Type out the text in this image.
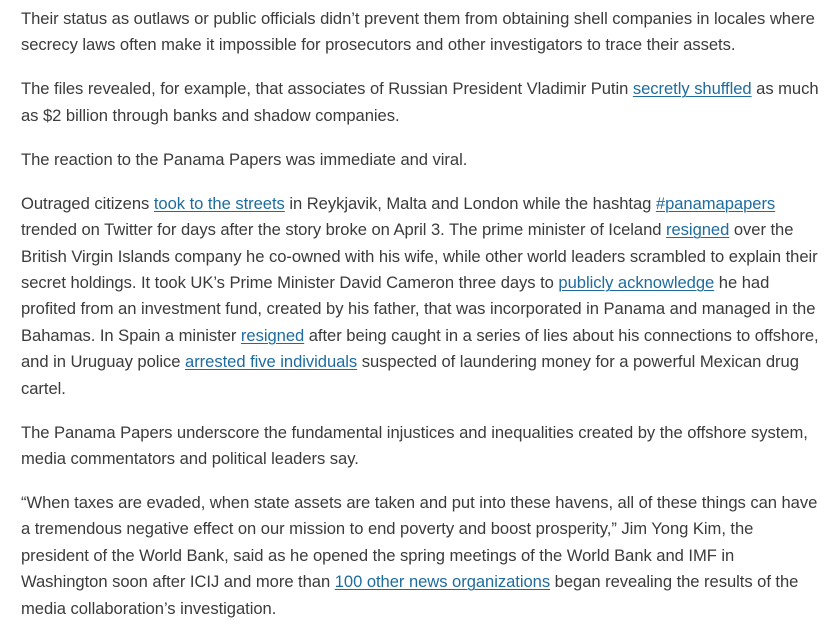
Their status as outlaws or public officials didn’t prevent them from obtaining shell companies in locales where secrecy laws often make it impossible for prosecutors and other investigators to trace their assets.

The files revealed, for example, that associates of Russian President Vladimir Putin secretly shuffled as much as $2 billion through banks and shadow companies.

The reaction to the Panama Papers was immediate and viral.

Outraged citizens took to the streets in Reykjavik, Malta and London while the hashtag #panamapapers trended on Twitter for days after the story broke on April 3. The prime minister of Iceland resigned over the British Virgin Islands company he co-owned with his wife, while other world leaders scrambled to explain their secret holdings. It took UK’s Prime Minister David Cameron three days to publicly acknowledge he had profited from an investment fund, created by his father, that was incorporated in Panama and managed in the Bahamas. In Spain a minister resigned after being caught in a series of lies about his connections to offshore, and in Uruguay police arrested five individuals suspected of laundering money for a powerful Mexican drug cartel.

The Panama Papers underscore the fundamental injustices and inequalities created by the offshore system, media commentators and political leaders say.

“When taxes are evaded, when state assets are taken and put into these havens, all of these things can have a tremendous negative effect on our mission to end poverty and boost prosperity,” Jim Yong Kim, the president of the World Bank, said as he opened the spring meetings of the World Bank and IMF in Washington soon after ICIJ and more than 100 other news organizations began revealing the results of the media collaboration’s investigation.
